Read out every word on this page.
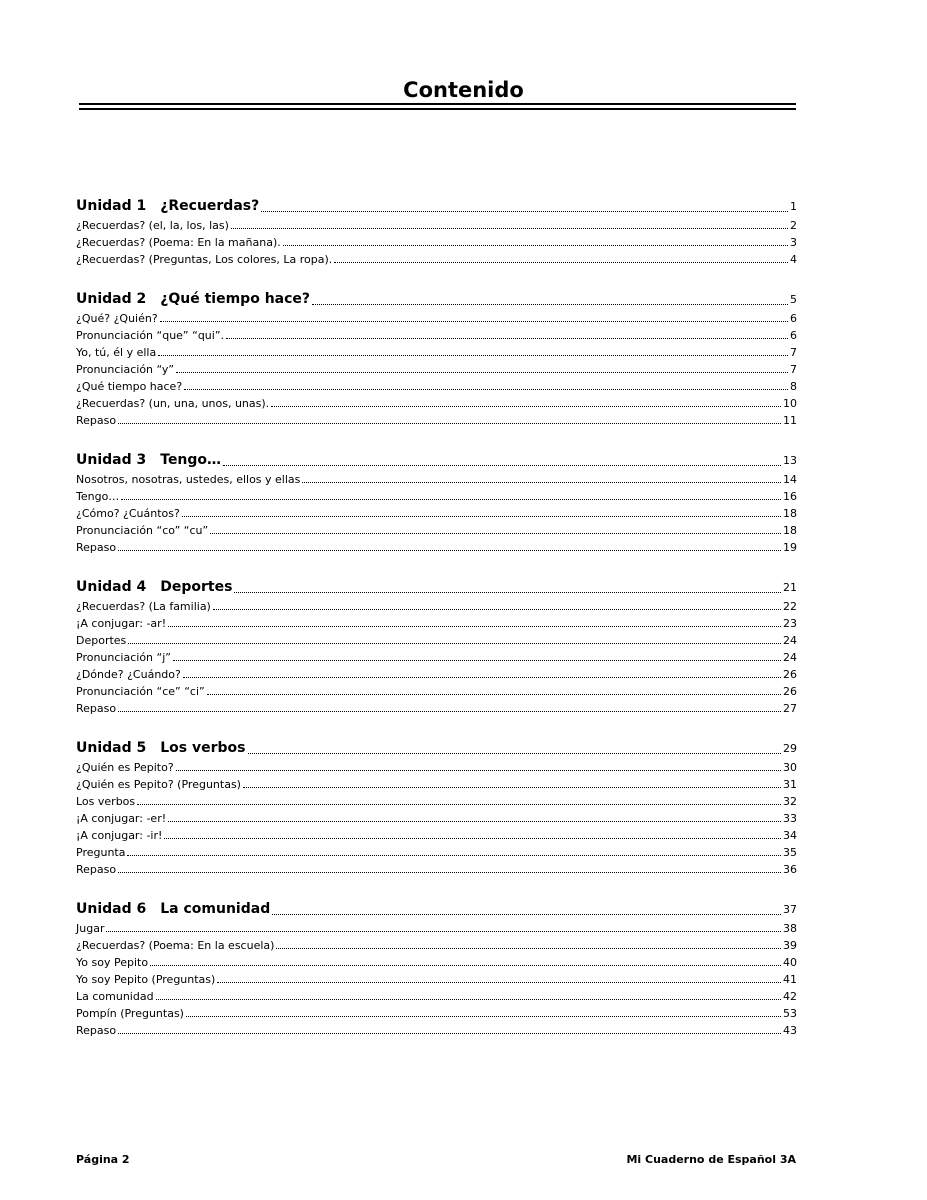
Contenido
Unidad 1 ¿Recuerdas?	1
¿Recuerdas? (el, la, los, las)	2
¿Recuerdas? (Poema: En la mañana).	3
¿Recuerdas? (Preguntas, Los colores, La ropa).	4
Unidad 2 ¿Qué tiempo hace?	5
¿Qué? ¿Quién?	6
Pronunciación “que” “qui”.	6
Yo, tú, él y ella	7
Pronunciación “y”	7
¿Qué tiempo hace?	8
¿Recuerdas? (un, una, unos, unas).	10
Repaso	11
Unidad 3 Tengo…	13
Nosotros, nosotras, ustedes, ellos y ellas	14
Tengo…	16
¿Cómo? ¿Cuántos?	18
Pronunciación “co” “cu”	18
Repaso	19
Unidad 4 Deportes	21
¿Recuerdas? (La familia)	22
¡A conjugar: -ar!	23
Deportes	24
Pronunciación “j”	24
¿Dónde? ¿Cuándo?	26
Pronunciación “ce” “ci”	26
Repaso	27
Unidad 5 Los verbos	29
¿Quién es Pepito?	30
¿Quién es Pepito? (Preguntas)	31
Los verbos	32
¡A conjugar: -er!	33
¡A conjugar: -ir!	34
Pregunta	35
Repaso	36
Unidad 6 La comunidad	37
Jugar	38
¿Recuerdas? (Poema: En la escuela)	39
Yo soy Pepito	40
Yo soy Pepito (Preguntas)	41
La comunidad	42
Pompín (Preguntas)	53
Repaso	43
Página 2	Mi Cuaderno de Español 3A
